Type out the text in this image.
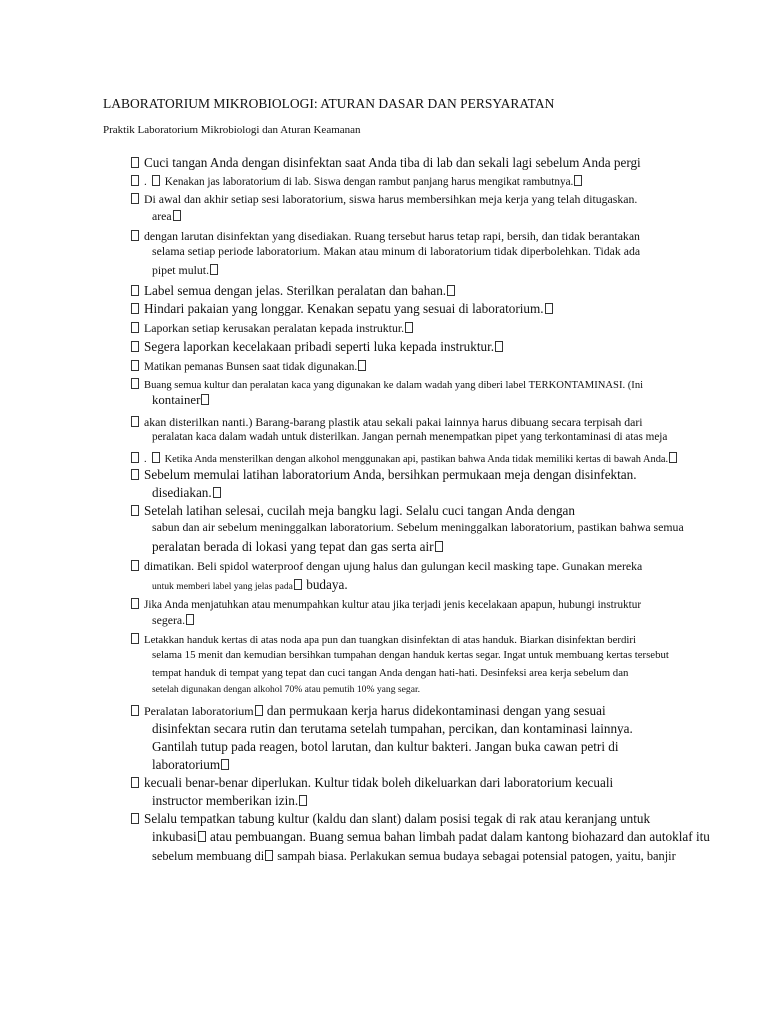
LABORATORIUM MIKROBIOLOGI: ATURAN DASAR DAN PERSYARATAN
Praktik Laboratorium Mikrobiologi dan Aturan Keamanan
Cuci tangan Anda dengan disinfektan saat Anda tiba di lab dan sekali lagi sebelum Anda pergi
. Kenakan jas laboratorium di lab. Siswa dengan rambut panjang harus mengikat rambutnya.
Di awal dan akhir setiap sesi laboratorium, siswa harus membersihkan meja kerja yang telah ditugaskan.
area
dengan larutan disinfektan yang disediakan. Ruang tersebut harus tetap rapi, bersih, dan tidak berantakan
selama setiap periode laboratorium. Makan atau minum di laboratorium tidak diperbolehkan. Tidak ada
pipet mulut.
Label semua dengan jelas. Sterilkan peralatan dan bahan.
Hindari pakaian yang longgar. Kenakan sepatu yang sesuai di laboratorium.
Laporkan setiap kerusakan peralatan kepada instruktur.
Segera laporkan kecelakaan pribadi seperti luka kepada instruktur.
Matikan pemanas Bunsen saat tidak digunakan.
Buang semua kultur dan peralatan kaca yang digunakan ke dalam wadah yang diberi label TERKONTAMINASI. (Ini
kontainer
akan disterilkan nanti.) Barang-barang plastik atau sekali pakai lainnya harus dibuang secara terpisah dari
peralatan kaca dalam wadah untuk disterilkan. Jangan pernah menempatkan pipet yang terkontaminasi di atas meja
. Ketika Anda mensterilkan dengan alkohol menggunakan api, pastikan bahwa Anda tidak memiliki kertas di bawah Anda.
Sebelum memulai latihan laboratorium Anda, bersihkan permukaan meja dengan disinfektan.
disediakan.
Setelah latihan selesai, cucilah meja bangku lagi. Selalu cuci tangan Anda dengan
sabun dan air sebelum meninggalkan laboratorium. Sebelum meninggalkan laboratorium, pastikan bahwa semua
peralatan berada di lokasi yang tepat dan gas serta air
dimatikan. Beli spidol waterproof dengan ujung halus dan gulungan kecil masking tape. Gunakan mereka
untuk memberi label yang jelas pada budaya.
Jika Anda menjatuhkan atau menumpahkan kultur atau jika terjadi jenis kecelakaan apapun, hubungi instruktur
segera.
Letakkan handuk kertas di atas noda apa pun dan tuangkan disinfektan di atas handuk. Biarkan disinfektan berdiri
selama 15 menit dan kemudian bersihkan tumpahan dengan handuk kertas segar. Ingat untuk membuang kertas tersebut
tempat handuk di tempat yang tepat dan cuci tangan Anda dengan hati-hati. Desinfeksi area kerja sebelum dan
setelah digunakan dengan alkohol 70% atau pemutih 10% yang segar.
Peralatan laboratorium dan permukaan kerja harus didekontaminasi dengan yang sesuai
disinfektan secara rutin dan terutama setelah tumpahan, percikan, dan kontaminasi lainnya.
Gantilah tutup pada reagen, botol larutan, dan kultur bakteri. Jangan buka cawan petri di
laboratorium
kecuali benar-benar diperlukan. Kultur tidak boleh dikeluarkan dari laboratorium kecuali
instructor memberikan izin.
Selalu tempatkan tabung kultur (kaldu dan slant) dalam posisi tegak di rak atau keranjang untuk
inkubasi atau pembuangan. Buang semua bahan limbah padat dalam kantong biohazard dan autoklaf itu
sebelum membuang di sampah biasa. Perlakukan semua budaya sebagai potensial patogen, yaitu, banjir
